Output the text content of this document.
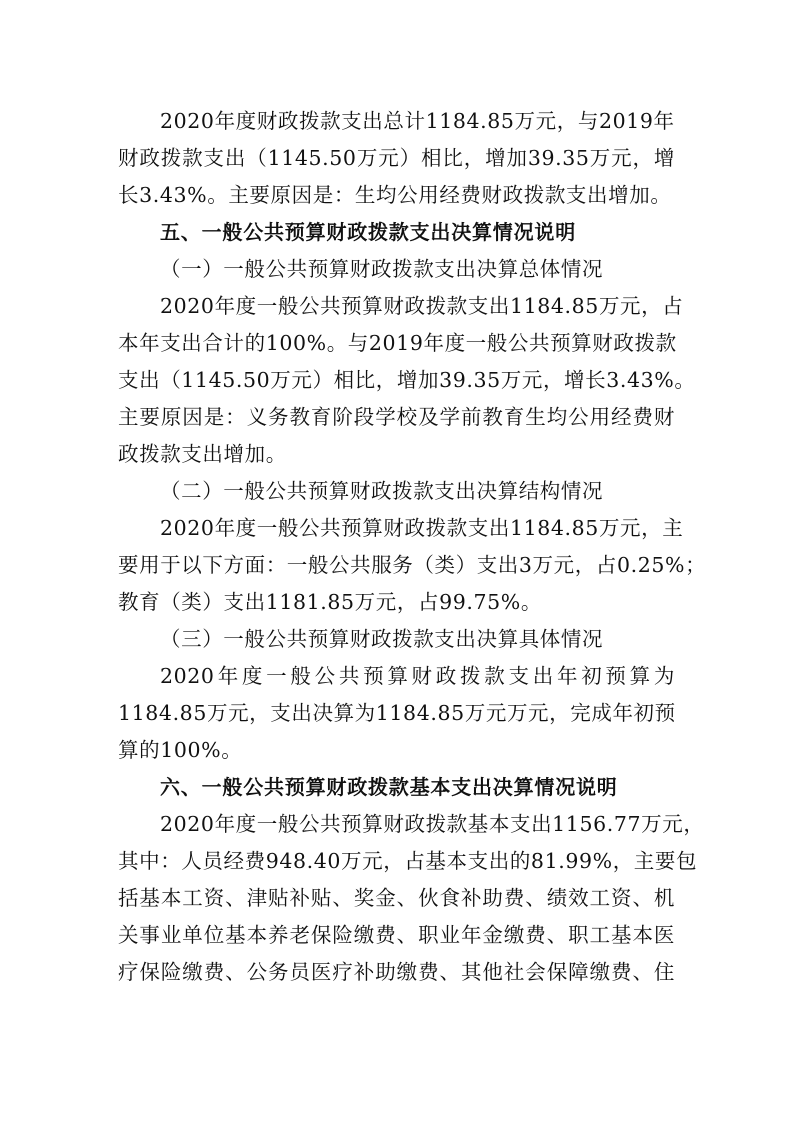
2020年度财政拨款支出总计1184.85万元，与2019年
财政拨款支出（1145.50万元）相比，增加39.35万元，增
长3.43%。主要原因是：生均公用经费财政拨款支出增加。
五、一般公共预算财政拨款支出决算情况说明
（一）一般公共预算财政拨款支出决算总体情况
2020年度一般公共预算财政拨款支出1184.85万元，占
本年支出合计的100%。与2019年度一般公共预算财政拨款
支出（1145.50万元）相比，增加39.35万元，增长3.43%。
主要原因是：义务教育阶段学校及学前教育生均公用经费财
政拨款支出增加。
（二）一般公共预算财政拨款支出决算结构情况
2020年度一般公共预算财政拨款支出1184.85万元，主
要用于以下方面：一般公共服务（类）支出3万元，占0.25%；
教育（类）支出1181.85万元，占99.75%。
（三）一般公共预算财政拨款支出决算具体情况
2020年度一般公共预算财政拨款支出年初预算为
1184.85万元，支出决算为1184.85万元万元，完成年初预
算的100%。
六、一般公共预算财政拨款基本支出决算情况说明
2020年度一般公共预算财政拨款基本支出1156.77万元，
其中：人员经费948.40万元，占基本支出的81.99%，主要包
括基本工资、津贴补贴、奖金、伙食补助费、绩效工资、机
关事业单位基本养老保险缴费、职业年金缴费、职工基本医
疗保险缴费、公务员医疗补助缴费、其他社会保障缴费、住
